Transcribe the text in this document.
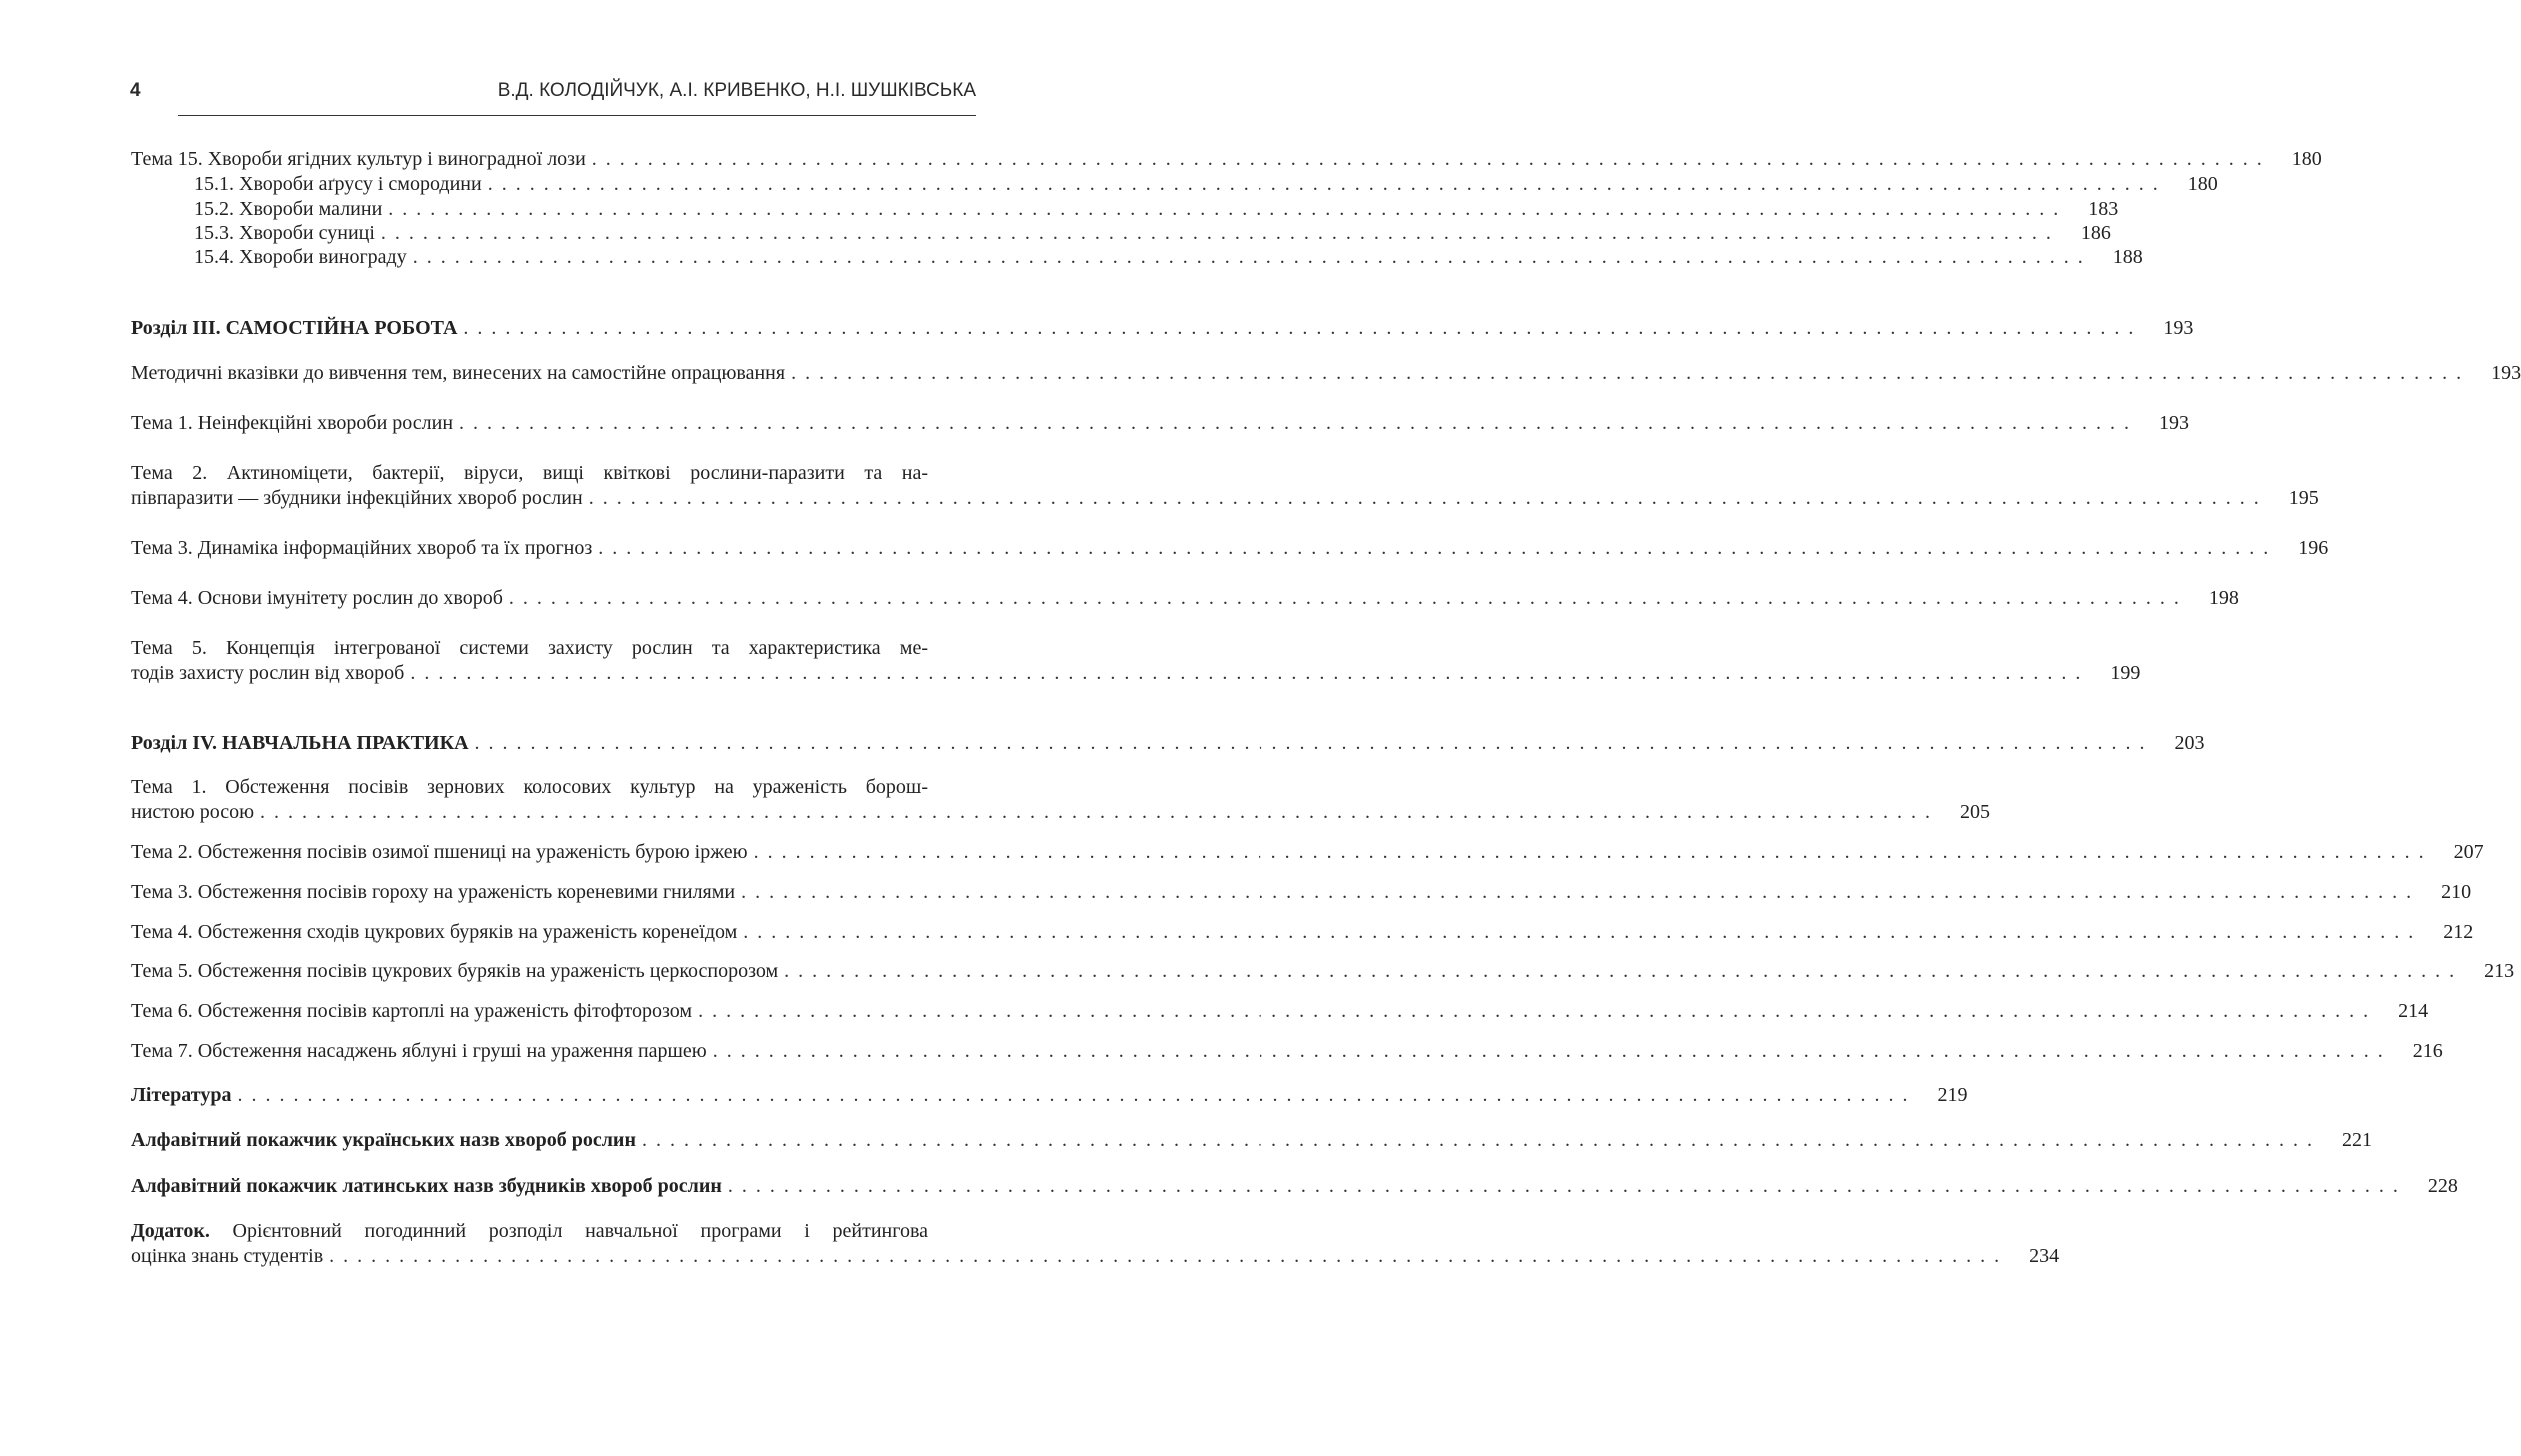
4	В.Д. КОЛОДІЙЧУК, А.І. КРИВЕНКО, Н.І. ШУШКІВСЬКА
Тема 15. Хвороби ягідних культур і виноградної лози . . . . . . . . . . . . . . . . . . . . . . . . . . . . . . . . . . . . . . . . . . . . . . . . . . . . . . . . . . . . . . . . . . . . . . . . . . . . . . . . . . . . . . . . . . . . . . . . . . . . . . . . . . . . . . . . . . . . . . . .	180
15.1. Хвороби аґрусу і смородини . . . . . . . . . . . . . . . . . . . . . . . . . . . . . . . . . . . . . . . . . . . . . . . . . . . . . . . . . . . . . . . . . . . . . . . . . . . . . . . . . . . . . . . . . . . . . . . . . . . . . . . . . . . . . . . . . . . . . . . .	180
15.2. Хвороби малини . . . . . . . . . . . . . . . . . . . . . . . . . . . . . . . . . . . . . . . . . . . . . . . . . . . . . . . . . . . . . . . . . . . . . . . . . . . . . . . . . . . . . . . . . . . . . . . . . . . . . . . . . . . . . . . . . . . . . . . .	183
15.3. Хвороби суниці . . . . . . . . . . . . . . . . . . . . . . . . . . . . . . . . . . . . . . . . . . . . . . . . . . . . . . . . . . . . . . . . . . . . . . . . . . . . . . . . . . . . . . . . . . . . . . . . . . . . . . . . . . . . . . . . . . . . . . . .	186
15.4. Хвороби винограду . . . . . . . . . . . . . . . . . . . . . . . . . . . . . . . . . . . . . . . . . . . . . . . . . . . . . . . . . . . . . . . . . . . . . . . . . . . . . . . . . . . . . . . . . . . . . . . . . . . . . . . . . . . . . . . . . . . . . . . .	188
Розділ ІІІ. САМОСТІЙНА РОБОТА . . . . . . . . . . . . . . . . . . . . . . . . . . . . . . . . . . . . . . . . . . . . . . . . . . . . . . . . . . . . . . . . . . . . . . . . . . . . . . . . . . . . . . . . . . . . . . . . . . . . . . . . . . . . . . . . . . . . . . . .	193
Методичні вказівки до вивчення тем, винесених на самостійне опрацювання . . . . . . . . . . . . . . . . . . . . . . . . . . . . . . . . . . . . . . . . . . . . . . . . . . . . . . . . . . . . . . . . . . . . . . . . . . . . . . . . . . . . . . . . . . . . . . . . . . . . . . . . . . . . . . . . . . . . . . . .	193
Тема 1. Неінфекційні хвороби рослин . . . . . . . . . . . . . . . . . . . . . . . . . . . . . . . . . . . . . . . . . . . . . . . . . . . . . . . . . . . . . . . . . . . . . . . . . . . . . . . . . . . . . . . . . . . . . . . . . . . . . . . . . . . . . . . . . . . . . . . .	193
Тема 2. Актиноміцети, бактерії, віруси, вищі квіткові рослини-паразити та на-
півпаразити — збудники інфекційних хвороб рослин . . . . . . . . . . . . . . . . . . . . . . . . . . . . . . . . . . . . . . . . . . . . . . . . . . . . . . . . . . . . . . . . . . . . . . . . . . . . . . . . . . . . . . . . . . . . . . . . . . . . . . . . . . . . . . . . . . . . . . . .	195
Тема 3. Динаміка інформаційних хвороб та їх прогноз . . . . . . . . . . . . . . . . . . . . . . . . . . . . . . . . . . . . . . . . . . . . . . . . . . . . . . . . . . . . . . . . . . . . . . . . . . . . . . . . . . . . . . . . . . . . . . . . . . . . . . . . . . . . . . . . . . . . . . . .	196
Тема 4. Основи імунітету рослин до хвороб . . . . . . . . . . . . . . . . . . . . . . . . . . . . . . . . . . . . . . . . . . . . . . . . . . . . . . . . . . . . . . . . . . . . . . . . . . . . . . . . . . . . . . . . . . . . . . . . . . . . . . . . . . . . . . . . . . . . . . . .	198
Тема 5. Концепція інтегрованої системи захисту рослин та характеристика ме-
тодів захисту рослин від хвороб . . . . . . . . . . . . . . . . . . . . . . . . . . . . . . . . . . . . . . . . . . . . . . . . . . . . . . . . . . . . . . . . . . . . . . . . . . . . . . . . . . . . . . . . . . . . . . . . . . . . . . . . . . . . . . . . . . . . . . . .	199
Розділ IV. НАВЧАЛЬНА ПРАКТИКА . . . . . . . . . . . . . . . . . . . . . . . . . . . . . . . . . . . . . . . . . . . . . . . . . . . . . . . . . . . . . . . . . . . . . . . . . . . . . . . . . . . . . . . . . . . . . . . . . . . . . . . . . . . . . . . . . . . . . . . .	203
Тема 1. Обстеження посівів зернових колосових культур на ураженість борош-
нистою росою . . . . . . . . . . . . . . . . . . . . . . . . . . . . . . . . . . . . . . . . . . . . . . . . . . . . . . . . . . . . . . . . . . . . . . . . . . . . . . . . . . . . . . . . . . . . . . . . . . . . . . . . . . . . . . . . . . . . . . . .	205
Тема 2. Обстеження посівів озимої пшениці на ураженість бурою іржею . . . . . . . . . . . . . . . . . . . . . . . . . . . . . . . . . . . . . . . . . . . . . . . . . . . . . . . . . . . . . . . . . . . . . . . . . . . . . . . . . . . . . . . . . . . . . . . . . . . . . . . . . . . . . . . . . . . . . . . .	207
Тема 3. Обстеження посівів гороху на ураженість кореневими гнилями . . . . . . . . . . . . . . . . . . . . . . . . . . . . . . . . . . . . . . . . . . . . . . . . . . . . . . . . . . . . . . . . . . . . . . . . . . . . . . . . . . . . . . . . . . . . . . . . . . . . . . . . . . . . . . . . . . . . . . . .	210
Тема 4. Обстеження сходів цукрових буряків на ураженість коренеїдом . . . . . . . . . . . . . . . . . . . . . . . . . . . . . . . . . . . . . . . . . . . . . . . . . . . . . . . . . . . . . . . . . . . . . . . . . . . . . . . . . . . . . . . . . . . . . . . . . . . . . . . . . . . . . . . . . . . . . . . .	212
Тема 5. Обстеження посівів цукрових буряків на ураженість церкоспорозом . . . . . . . . . . . . . . . . . . . . . . . . . . . . . . . . . . . . . . . . . . . . . . . . . . . . . . . . . . . . . . . . . . . . . . . . . . . . . . . . . . . . . . . . . . . . . . . . . . . . . . . . . . . . . . . . . . . . . . . .	213
Тема 6. Обстеження посівів картоплі на ураженість фітофторозом . . . . . . . . . . . . . . . . . . . . . . . . . . . . . . . . . . . . . . . . . . . . . . . . . . . . . . . . . . . . . . . . . . . . . . . . . . . . . . . . . . . . . . . . . . . . . . . . . . . . . . . . . . . . . . . . . . . . . . . .	214
Тема 7. Обстеження насаджень яблуні і груші на ураження паршею . . . . . . . . . . . . . . . . . . . . . . . . . . . . . . . . . . . . . . . . . . . . . . . . . . . . . . . . . . . . . . . . . . . . . . . . . . . . . . . . . . . . . . . . . . . . . . . . . . . . . . . . . . . . . . . . . . . . . . . .	216
Література . . . . . . . . . . . . . . . . . . . . . . . . . . . . . . . . . . . . . . . . . . . . . . . . . . . . . . . . . . . . . . . . . . . . . . . . . . . . . . . . . . . . . . . . . . . . . . . . . . . . . . . . . . . . . . . . . . . . . . . .	219
Алфавітний покажчик українських назв хвороб рослин . . . . . . . . . . . . . . . . . . . . . . . . . . . . . . . . . . . . . . . . . . . . . . . . . . . . . . . . . . . . . . . . . . . . . . . . . . . . . . . . . . . . . . . . . . . . . . . . . . . . . . . . . . . . . . . . . . . . . . . .	221
Алфавітний покажчик латинських назв збудників хвороб рослин . . . . . . . . . . . . . . . . . . . . . . . . . . . . . . . . . . . . . . . . . . . . . . . . . . . . . . . . . . . . . . . . . . . . . . . . . . . . . . . . . . . . . . . . . . . . . . . . . . . . . . . . . . . . . . . . . . . . . . . .	228
Додаток. Орієнтовний погодинний розподіл навчальної програми і рейтингова
оцінка знань студентів . . . . . . . . . . . . . . . . . . . . . . . . . . . . . . . . . . . . . . . . . . . . . . . . . . . . . . . . . . . . . . . . . . . . . . . . . . . . . . . . . . . . . . . . . . . . . . . . . . . . . . . . . . . . . . . . . . . . . . . .	234
